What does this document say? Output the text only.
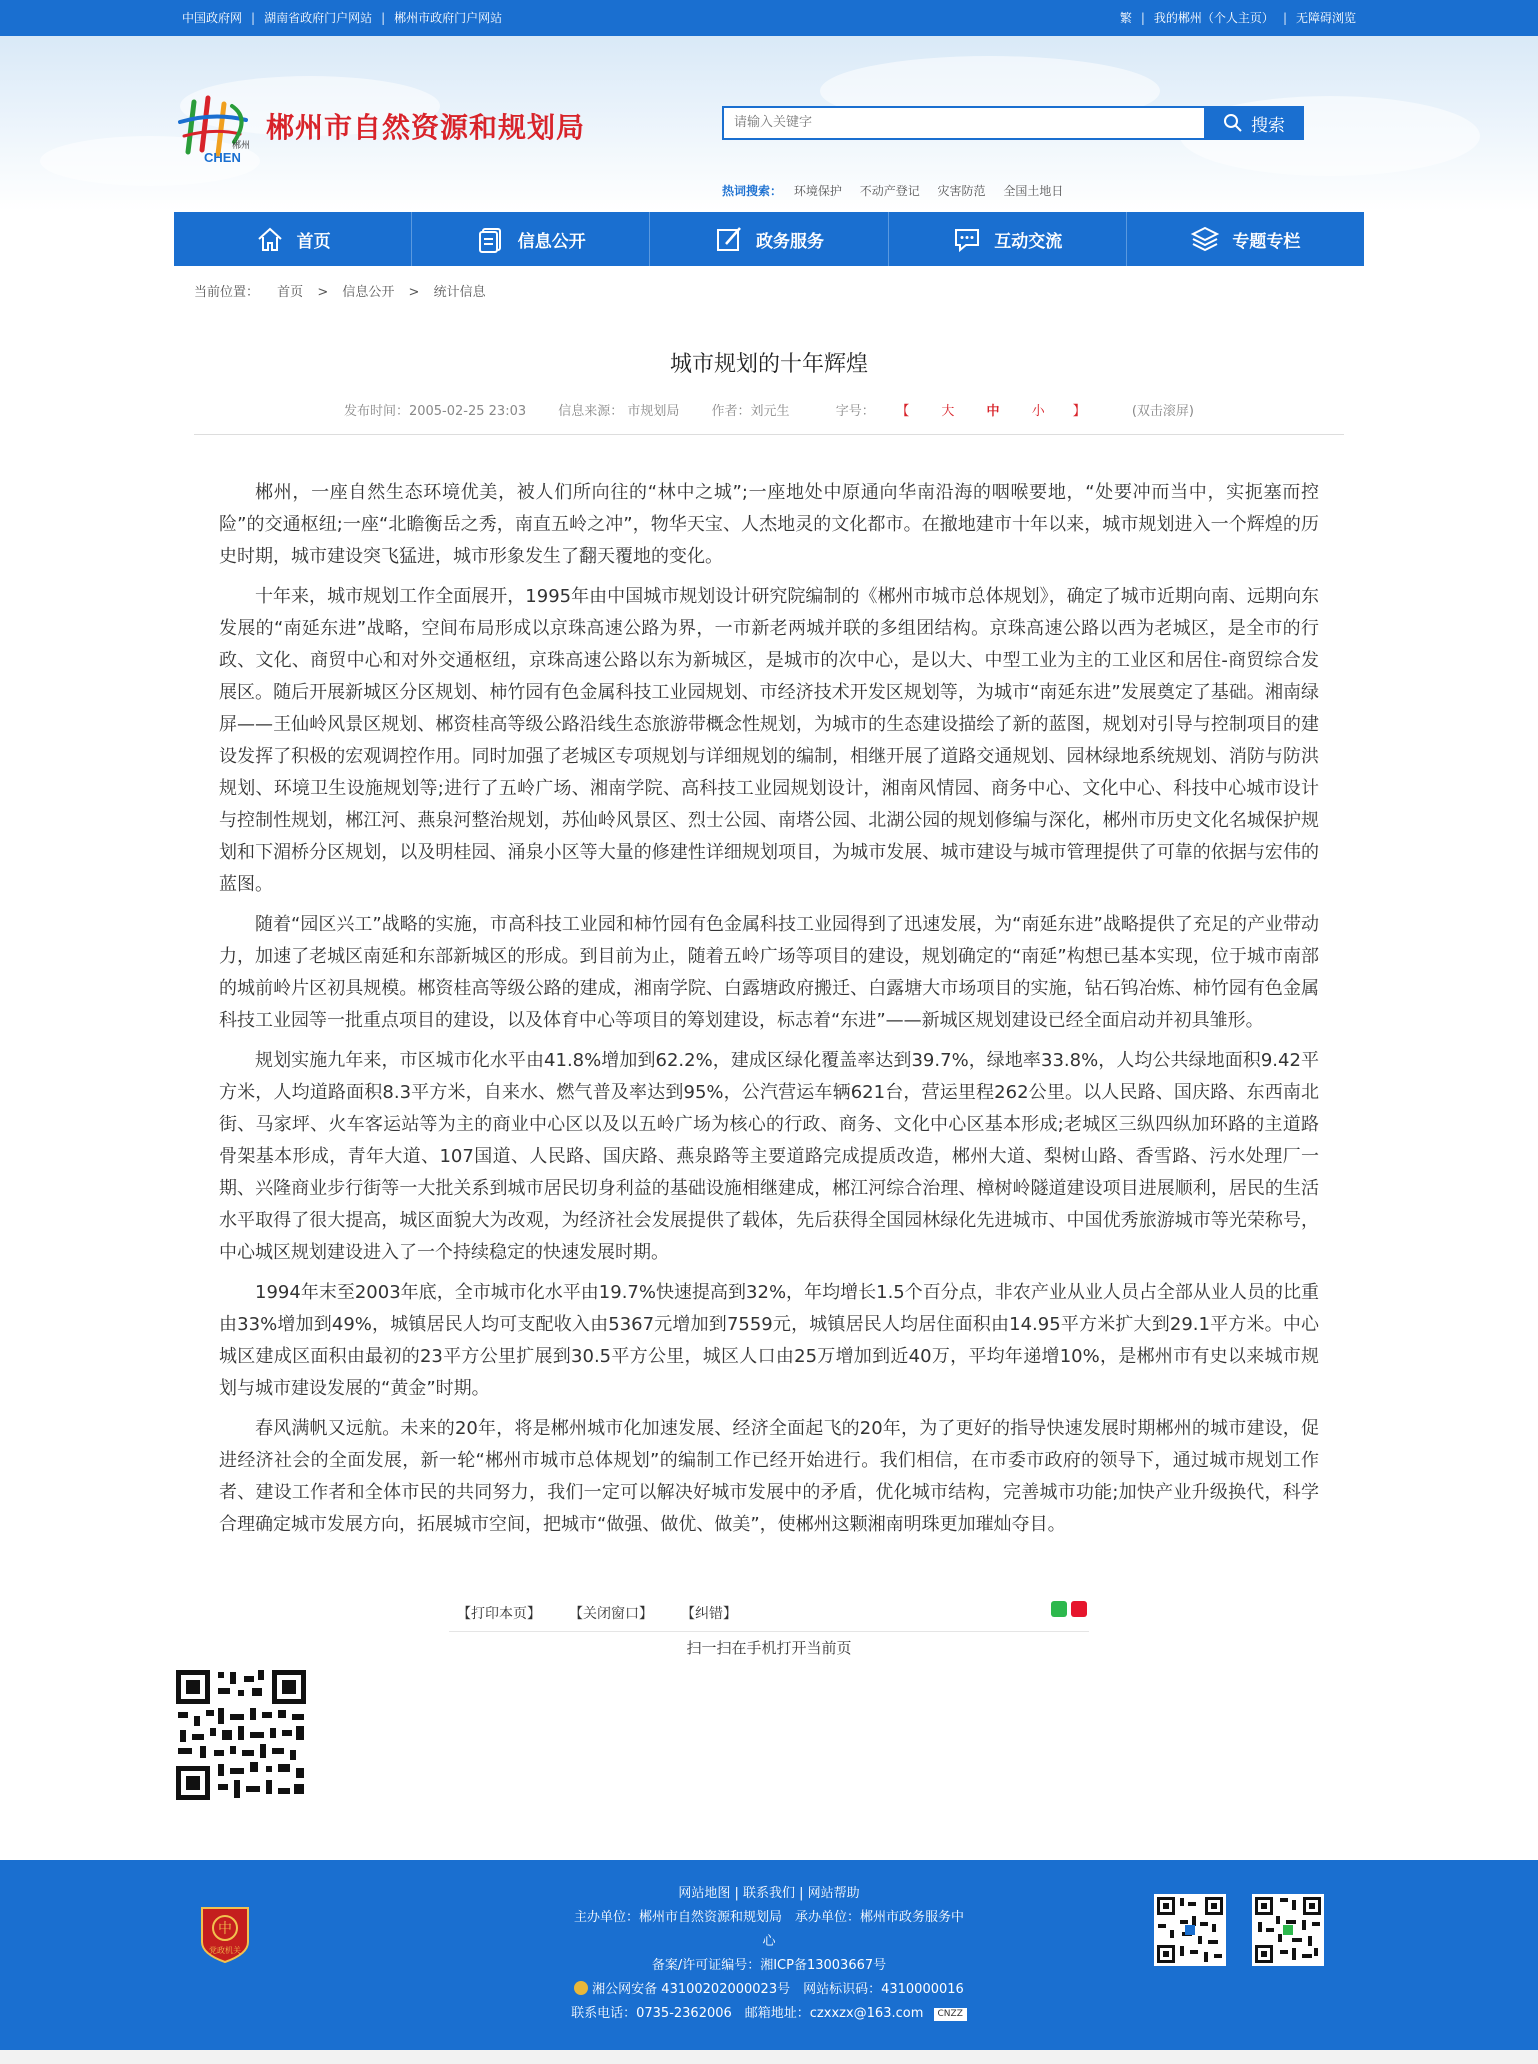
中国政府网 | 湖南省政府门户网站 | 郴州市政府门户网站	繁 | 我的郴州（个人主页） | 无障碍浏览
郴州
CHEN
郴州市自然资源和规划局
请输入关键字	搜索
热词搜索： 环境保护 不动产登记 灾害防范 全国土地日
首页	信息公开	政务服务	互动交流	专题专栏
当前位置： 首页 > 信息公开 > 统计信息
城市规划的十年辉煌
发布时间：2005-02-25 23:03 信息来源： 市规划局 作者：刘元生	字号： 【 大 中 小 】	(双击滚屏)

郴州，一座自然生态环境优美，被人们所向往的“林中之城”;一座地处中原通向华南沿海的咽喉要地，“处要冲而当中，实扼塞而控险”的交通枢纽;一座“北瞻衡岳之秀，南直五岭之冲”，物华天宝、人杰地灵的文化都市。在撤地建市十年以来，城市规划进入一个辉煌的历史时期，城市建设突飞猛进，城市形象发生了翻天覆地的变化。

十年来，城市规划工作全面展开，1995年由中国城市规划设计研究院编制的《郴州市城市总体规划》，确定了城市近期向南、远期向东发展的“南延东进”战略，空间布局形成以京珠高速公路为界，一市新老两城并联的多组团结构。京珠高速公路以西为老城区，是全市的行政、文化、商贸中心和对外交通枢纽，京珠高速公路以东为新城区，是城市的次中心，是以大、中型工业为主的工业区和居住-商贸综合发展区。随后开展新城区分区规划、柿竹园有色金属科技工业园规划、市经济技术开发区规划等，为城市“南延东进”发展奠定了基础。湘南绿屏——王仙岭风景区规划、郴资桂高等级公路沿线生态旅游带概念性规划，为城市的生态建设描绘了新的蓝图，规划对引导与控制项目的建设发挥了积极的宏观调控作用。同时加强了老城区专项规划与详细规划的编制，相继开展了道路交通规划、园林绿地系统规划、消防与防洪规划、环境卫生设施规划等;进行了五岭广场、湘南学院、高科技工业园规划设计，湘南风情园、商务中心、文化中心、科技中心城市设计与控制性规划，郴江河、燕泉河整治规划，苏仙岭风景区、烈士公园、南塔公园、北湖公园的规划修编与深化，郴州市历史文化名城保护规划和下湄桥分区规划，以及明桂园、涌泉小区等大量的修建性详细规划项目，为城市发展、城市建设与城市管理提供了可靠的依据与宏伟的蓝图。

随着“园区兴工”战略的实施，市高科技工业园和柿竹园有色金属科技工业园得到了迅速发展，为“南延东进”战略提供了充足的产业带动力，加速了老城区南延和东部新城区的形成。到目前为止，随着五岭广场等项目的建设，规划确定的“南延”构想已基本实现，位于城市南部的城前岭片区初具规模。郴资桂高等级公路的建成，湘南学院、白露塘政府搬迁、白露塘大市场项目的实施，钻石钨冶炼、柿竹园有色金属科技工业园等一批重点项目的建设，以及体育中心等项目的筹划建设，标志着“东进”——新城区规划建设已经全面启动并初具雏形。

规划实施九年来，市区城市化水平由41.8%增加到62.2%，建成区绿化覆盖率达到39.7%，绿地率33.8%，人均公共绿地面积9.42平方米，人均道路面积8.3平方米，自来水、燃气普及率达到95%，公汽营运车辆621台，营运里程262公里。以人民路、国庆路、东西南北街、马家坪、火车客运站等为主的商业中心区以及以五岭广场为核心的行政、商务、文化中心区基本形成;老城区三纵四纵加环路的主道路骨架基本形成，青年大道、107国道、人民路、国庆路、燕泉路等主要道路完成提质改造，郴州大道、梨树山路、香雪路、污水处理厂一期、兴隆商业步行街等一大批关系到城市居民切身利益的基础设施相继建成，郴江河综合治理、樟树岭隧道建设项目进展顺利，居民的生活水平取得了很大提高，城区面貌大为改观，为经济社会发展提供了载体，先后获得全国园林绿化先进城市、中国优秀旅游城市等光荣称号，中心城区规划建设进入了一个持续稳定的快速发展时期。

1994年末至2003年底，全市城市化水平由19.7%快速提高到32%，年均增长1.5个百分点，非农产业从业人员占全部从业人员的比重由33%增加到49%，城镇居民人均可支配收入由5367元增加到7559元，城镇居民人均居住面积由14.95平方米扩大到29.1平方米。中心城区建成区面积由最初的23平方公里扩展到30.5平方公里，城区人口由25万增加到近40万，平均年递增10%，是郴州市有史以来城市规划与城市建设发展的“黄金”时期。

春风满帆又远航。未来的20年，将是郴州城市化加速发展、经济全面起飞的20年，为了更好的指导快速发展时期郴州的城市建设，促进经济社会的全面发展，新一轮“郴州市城市总体规划”的编制工作已经开始进行。我们相信，在市委市政府的领导下，通过城市规划工作者、建设工作者和全体市民的共同努力，我们一定可以解决好城市发展中的矛盾，优化城市结构，完善城市功能;加快产业升级换代，科学合理确定城市发展方向，拓展城市空间，把城市“做强、做优、做美”，使郴州这颗湘南明珠更加璀灿夺目。

【打印本页】 【关闭窗口】 【纠错】
扫一扫在手机打开当前页
中
党政机关
网站地图 | 联系我们 | 网站帮助
主办单位：郴州市自然资源和规划局　承办单位：郴州市政务服务中
心
备案/许可证编号：湘ICP备13003667号
湘公网安备 43100202000023号　网站标识码：4310000016
联系电话：0735-2362006　邮箱地址：czxxzx@163.com CNZZ
